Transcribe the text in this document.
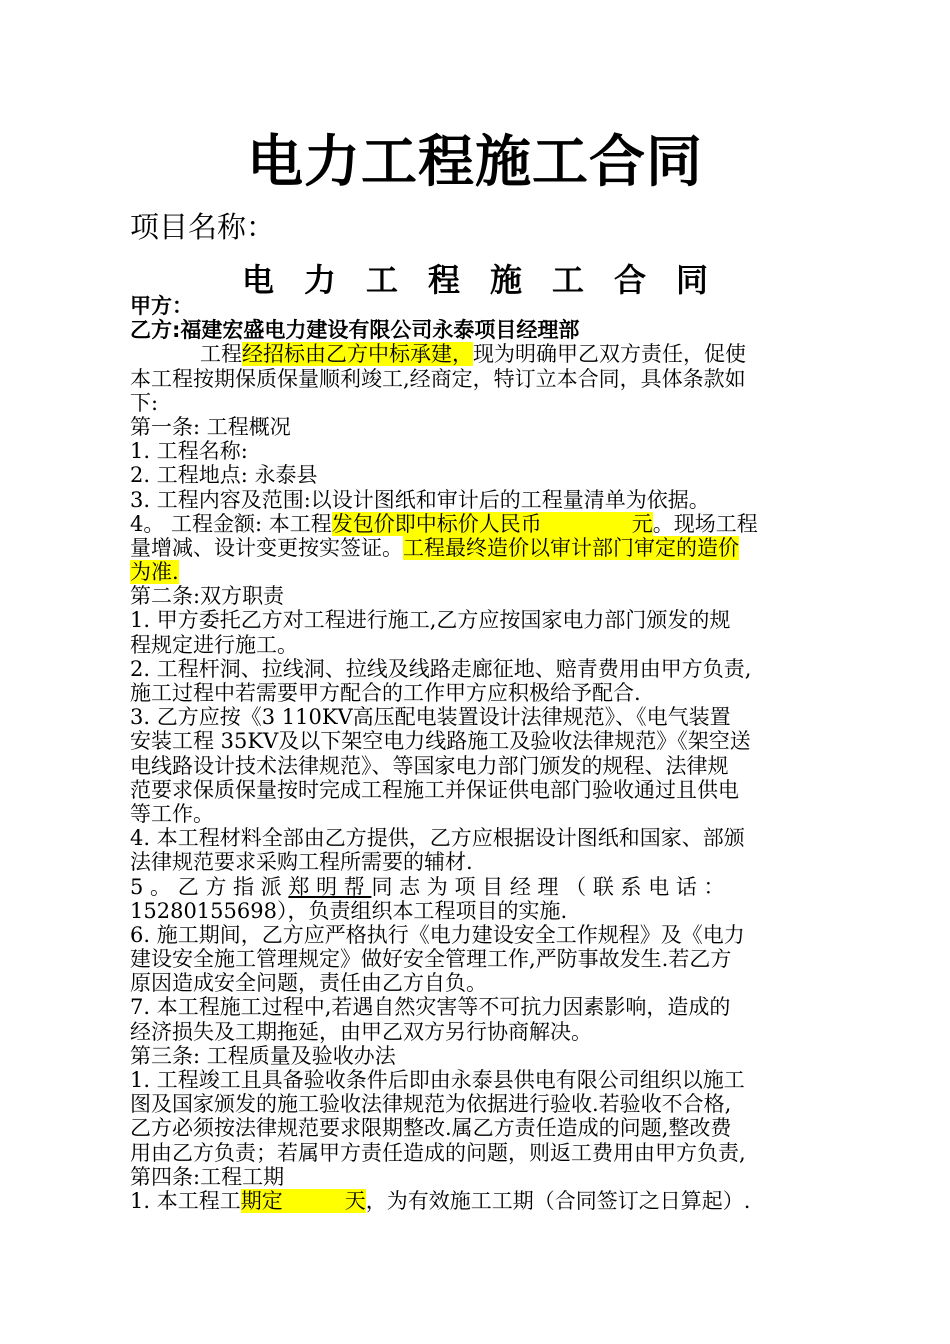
电力工程施工合同
项目名称：
电力工程施工合同
甲方：
乙方:福建宏盛电力建设有限公司永泰项目经理部
工程经招标由乙方中标承建，现为明确甲乙双方责任，促使
本工程按期保质保量顺利竣工,经商定，特订立本合同，具体条款如
下:
第一条: 工程概况
1. 工程名称:
2. 工程地点: 永泰县
3. 工程内容及范围:以设计图纸和审计后的工程量清单为依据。
4。 工程金额: 本工程发包价即中标价人民币	元。现场工程
量增减、设计变更按实签证。工程最终造价以审计部门审定的造价
为准.
第二条:双方职责
1. 甲方委托乙方对工程进行施工,乙方应按国家电力部门颁发的规
程规定进行施工。
2. 工程杆洞、拉线洞、拉线及线路走廊征地、赔青费用由甲方负责,
施工过程中若需要甲方配合的工作甲方应积极给予配合.
3. 乙方应按《3 110KV高压配电装置设计法律规范》、《电气装置
安装工程 35KV及以下架空电力线路施工及验收法律规范》《架空送
电线路设计技术法律规范》、等国家电力部门颁发的规程、法律规
范要求保质保量按时完成工程施工并保证供电部门验收通过且供电
等工作。
4. 本工程材料全部由乙方提供，乙方应根据设计图纸和国家、部颁
法律规范要求采购工程所需要的辅材.
5 。 乙 方 指 派 郑 明 帮 同 志 为 项 目 经 理 （ 联 系 电 话 ：
15280155698），负责组织本工程项目的实施.
6. 施工期间，乙方应严格执行《电力建设安全工作规程》及《电力
建设安全施工管理规定》做好安全管理工作,严防事故发生.若乙方
原因造成安全问题，责任由乙方自负。
7. 本工程施工过程中,若遇自然灾害等不可抗力因素影响，造成的
经济损失及工期拖延，由甲乙双方另行协商解决。
第三条: 工程质量及验收办法
1. 工程竣工且具备验收条件后即由永泰县供电有限公司组织以施工
图及国家颁发的施工验收法律规范为依据进行验收.若验收不合格,
乙方必须按法律规范要求限期整改.属乙方责任造成的问题,整改费
用由乙方负责；若属甲方责任造成的问题，则返工费用由甲方负责,
第四条:工程工期
1. 本工程工期定	天，为有效施工工期（合同签订之日算起）.
